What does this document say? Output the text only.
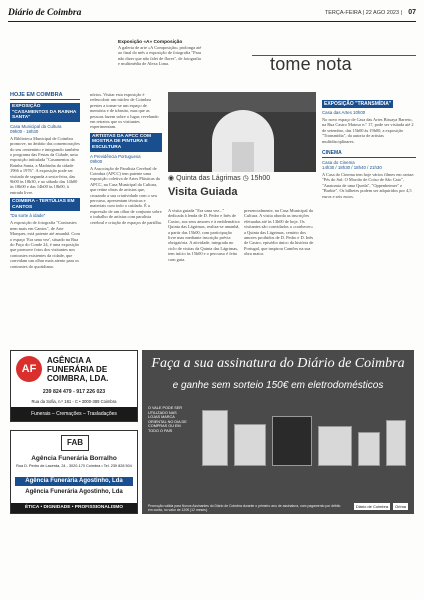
Diário de Coimbra	TERÇA-FEIRA | 22 AGO 2023 | 07
Exposição «A» Composição
A galeria de arte «A Composição» prolonga até ao final do mês a exposição de fotografia "Para não dizer que não falei de flores", de fotografia e multimédia de Alexa Lima.	tome nota
HOJE EM COIMBRA
EXPOSIÇÃO "CASAMENTOS DA RAINHA SANTA"
Casa Municipal da Cultura
09h00 - 18h30
A Biblioteca Municipal de Coimbra promove, no âmbito das comemorações do seu centenário e integrando também o programa das Festas da Cidade, uma exposição intitulada "Casamentos da Rainha Santa, a Madrinha da cidade 1966 a 1976". A exposição pode ser visitada de segunda a sexta-feira, das 9h00 às 18h30, e ao sábado das 14h00 às 18h00 e das 14h00 às 18h00, à entrada livre.
COIMBRA - TERTÚLIAS EM CANTOS
"Da sorte à idade"
A exposição de fotografia "Contrastes nem mais em Cantos", de Arte Marques, está patente até amanhã. Com o espaço 'Era uma vez', situado na Rua do Paço do Conde 24, é uma exposição que promove fotos dos visitantes nos contrastes existentes da cidade, que convidam um olhar mais atento para os contrastes do quotidiano.
nórios. Visitar esta exposição é redescobrir um núcleo de Coimbra prestes a tornar-se um espaço de memória e de trânsito, mas que as pessoas fazem sobre o lugar, revelando em retratos que os visitantes experimentam.
ARTISTAS DA APCC COM MOSTRA DE PINTURA E ESCULTURA
A Previdência Portuguesa
09h00
A Associação de Paralisia Cerebral de Coimbra (APCC) tem patente uma exposição coletiva de Artes Plásticas da APCC, na Casa Municipal da Cultura, que reúne obras de artistas que, cruzando a sua criatividade com o seu percurso, apresentam técnicas e materiais com todo o cuidado. É a expressão de um olhar de conjunto sobre o trabalho de artistas com paralisia cerebral e criação de espaços de partilha.
◉ Quinta das Lágrimas ◷ 15h00
Visita Guiada
A visita guiada "Era uma vez..." dedicada à lenda de D. Pedro e Inês de Castro, aos seus amores e à emblemática Quinta das Lágrimas, realiza-se amanhã, a partir das 15h00, com participação livre mas mediante inscrição prévia obrigatória. A atividade, integrada no ciclo de visitas da Quinta das Lágrimas, tem início às 15h00 e o percurso é feito com guia.
presencialmente, na Casa Municipal da Cultura. A visita aborda as inscrições efetuadas até às 13h00 de hoje. Os visitantes são convidados a «conhecer» a Quinta das Lágrimas, cenário dos amores proibidos de D. Pedro e D. Inês de Castro, episódio único da história de Portugal, que inspirou Camões na sua obra maior.
EXPOSIÇÃO "TRANSMÍDIA"
Casa das Artes 10h00
No novo espaço de Casa das Artes Bissaya Barreto, na Rua Castro Matoso n.º 17, pode ser visitada até 2 de setembro, das 15h00 às 19h00, a exposição "Transmídia", da autoria de artistas multidisciplinares.
CINEMA
Casa do Cinema
14h30 / 18h30 / 18h40 / 21h30
A Casa do Cinema tem hoje vários filmes em cartaz: "Pés do Sul: O Morrão de Coiso de São Caio", "Anatomia de uma Queda", "Oppenheimer" e "Barbie". Os bilhetes podem ser adquiridos por 4,5 euros e seis euros.
AF
AGÊNCIA A FUNERÁRIA DE COIMBRA, LDA.
239 824 479 - 917 226 023
Rua da Sofia, n.º 181 - C • 3000-389 Coimbra
Funerais – Cremações – Trasladações
FAB
Agência Funerária Borralho
Rua D. Pedro de Lacerda, 24 - 3020-170 Coimbra • Tel. 239 828 504
Agência Funerária Agostinho, Lda
Agência Funerária Agostinho, Lda
ÉTICA • DIGNIDADE • PROFISSIONALISMO
Faça a sua assinatura do Diário de Coimbra
e ganhe sem sorteio 150€ em eletrodomésticos
O VALE PODE SER UTILIZADO NAS LOJAS MARCA ORIENTAL NO DIA DE COMPRAS OU EM TODO O PAÍS
Promoção válida para Novos Assinantes do Diário de Coimbra durante o primeiro ano de assinatura, com pagamento por débito em conta, no valor de 120€ (12 meses).
Diário de Coimbra	Orima
